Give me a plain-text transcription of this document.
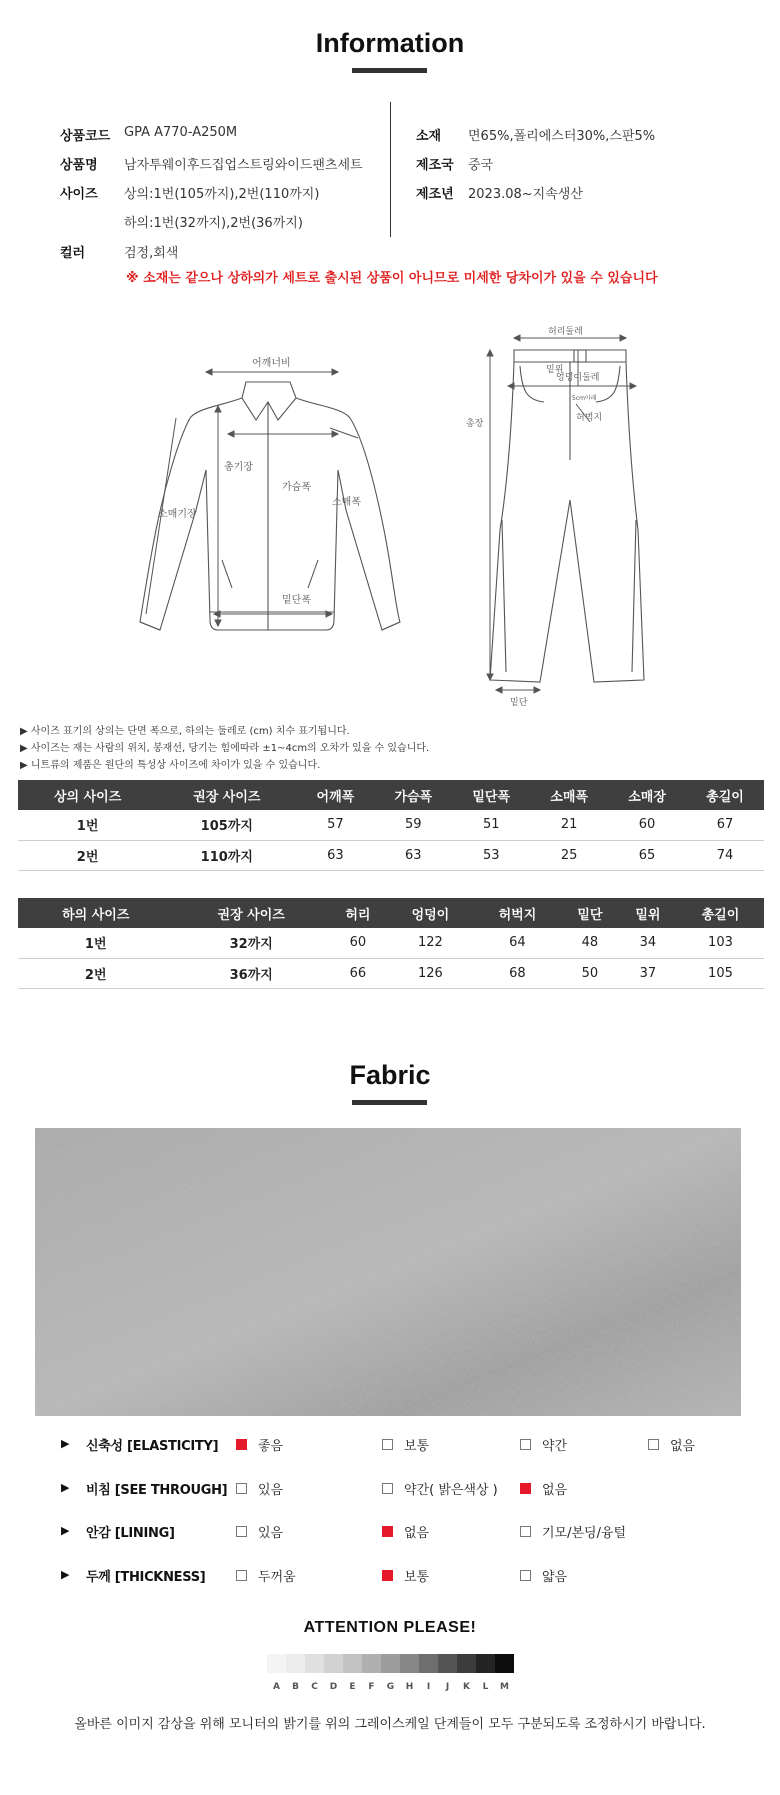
Information
상품코드 GPA A770-A250M
상품명 남자투웨이후드집업스트링와이드팬츠세트
사이즈 상의:1번(105까지),2번(110까지)
하의:1번(32까지),2번(36까지)
컬러	검정,회색
소재 면65%,폴리에스터30%,스판5%
제조국 중국
제조년 2023.08~지속생산
※ 소재는 같으나 상하의가 세트로 출시된 상품이 아니므로 미세한 당차이가 있을 수 있습니다
어깨너비
총기장
가슴폭
소매폭
소매기장
밑단폭
허리둘레
밑위
엉덩이둘레
허벅지
5cm아래
총장
밑단
▶ 사이즈 표기의 상의는 단면 폭으로, 하의는 둘레로 (cm) 치수 표기됩니다.
▶ 사이즈는 재는 사람의 위치, 봉재선, 당기는 힘에따라 ±1~4cm의 오차가 있을 수 있습니다.
▶ 니트류의 제품은 원단의 특성상 사이즈에 차이가 있을 수 있습니다.
상의 사이즈	권장 사이즈	어깨폭	가슴폭	밑단폭	소매폭	소매장	총길이
1번	105까지	57	59	51	21	60	67
2번	110까지	63	63	53	25	65	74
하의 사이즈	권장 사이즈	허리	엉덩이	허벅지	밑단	밑위	총길이
1번	32까지	60	122	64	48	34	103
2번	36까지	66	126	68	50	37	105
Fabric
▶ 신축성 [ELASTICITY]	좋음	보통	약간	없음
▶ 비침 [SEE THROUGH] 있음	약간( 밝은색상 )	없음
▶ 안감 [LINING]	있음	없음	기모/본딩/융털
▶ 두께 [THICKNESS]	두꺼움	보통	얇음
ATTENTION PLEASE!
A	B	C	D	E	F	G	H	I	J	K	L	M
올바른 이미지 감상을 위해 모니터의 밝기를 위의 그레이스케일 단계들이 모두 구분되도록 조정하시기 바랍니다.
